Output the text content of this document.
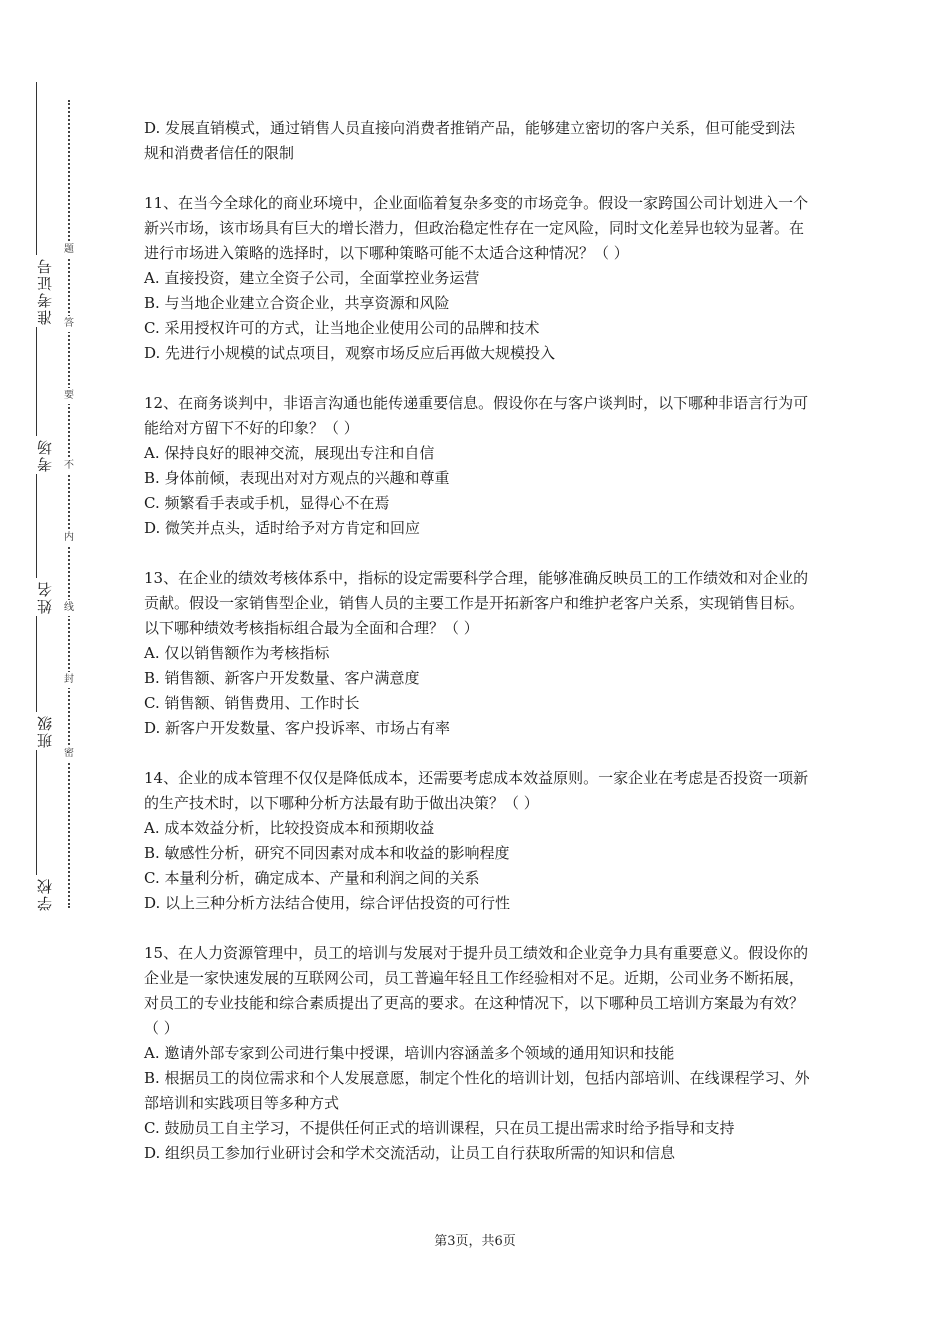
准考证号
考场
姓名
班级
学校
题
答
要
不
内
线
封
密

D. 发展直销模式，通过销售人员直接向消费者推销产品，能够建立密切的客户关系，但可能受到法规和消费者信任的限制

11、在当今全球化的商业环境中，企业面临着复杂多变的市场竞争。假设一家跨国公司计划进入一个新兴市场，该市场具有巨大的增长潜力，但政治稳定性存在一定风险，同时文化差异也较为显著。在进行市场进入策略的选择时，以下哪种策略可能不太适合这种情况？（ ）

A. 直接投资，建立全资子公司，全面掌控业务运营

B. 与当地企业建立合资企业，共享资源和风险

C. 采用授权许可的方式，让当地企业使用公司的品牌和技术

D. 先进行小规模的试点项目，观察市场反应后再做大规模投入

12、在商务谈判中，非语言沟通也能传递重要信息。假设你在与客户谈判时，以下哪种非语言行为可能给对方留下不好的印象？（ ）

A. 保持良好的眼神交流，展现出专注和自信

B. 身体前倾，表现出对对方观点的兴趣和尊重

C. 频繁看手表或手机，显得心不在焉

D. 微笑并点头，适时给予对方肯定和回应

13、在企业的绩效考核体系中，指标的设定需要科学合理，能够准确反映员工的工作绩效和对企业的贡献。假设一家销售型企业，销售人员的主要工作是开拓新客户和维护老客户关系，实现销售目标。以下哪种绩效考核指标组合最为全面和合理？（ ）

A. 仅以销售额作为考核指标

B. 销售额、新客户开发数量、客户满意度

C. 销售额、销售费用、工作时长

D. 新客户开发数量、客户投诉率、市场占有率

14、企业的成本管理不仅仅是降低成本，还需要考虑成本效益原则。一家企业在考虑是否投资一项新的生产技术时，以下哪种分析方法最有助于做出决策？（ ）

A. 成本效益分析，比较投资成本和预期收益

B. 敏感性分析，研究不同因素对成本和收益的影响程度

C. 本量利分析，确定成本、产量和利润之间的关系

D. 以上三种分析方法结合使用，综合评估投资的可行性

15、在人力资源管理中，员工的培训与发展对于提升员工绩效和企业竞争力具有重要意义。假设你的企业是一家快速发展的互联网公司，员工普遍年轻且工作经验相对不足。近期，公司业务不断拓展，对员工的专业技能和综合素质提出了更高的要求。在这种情况下，以下哪种员工培训方案最为有效？（ ）

A. 邀请外部专家到公司进行集中授课，培训内容涵盖多个领域的通用知识和技能

B. 根据员工的岗位需求和个人发展意愿，制定个性化的培训计划，包括内部培训、在线课程学习、外部培训和实践项目等多种方式

C. 鼓励员工自主学习，不提供任何正式的培训课程，只在员工提出需求时给予指导和支持

D. 组织员工参加行业研讨会和学术交流活动，让员工自行获取所需的知识和信息

第3页，共6页
